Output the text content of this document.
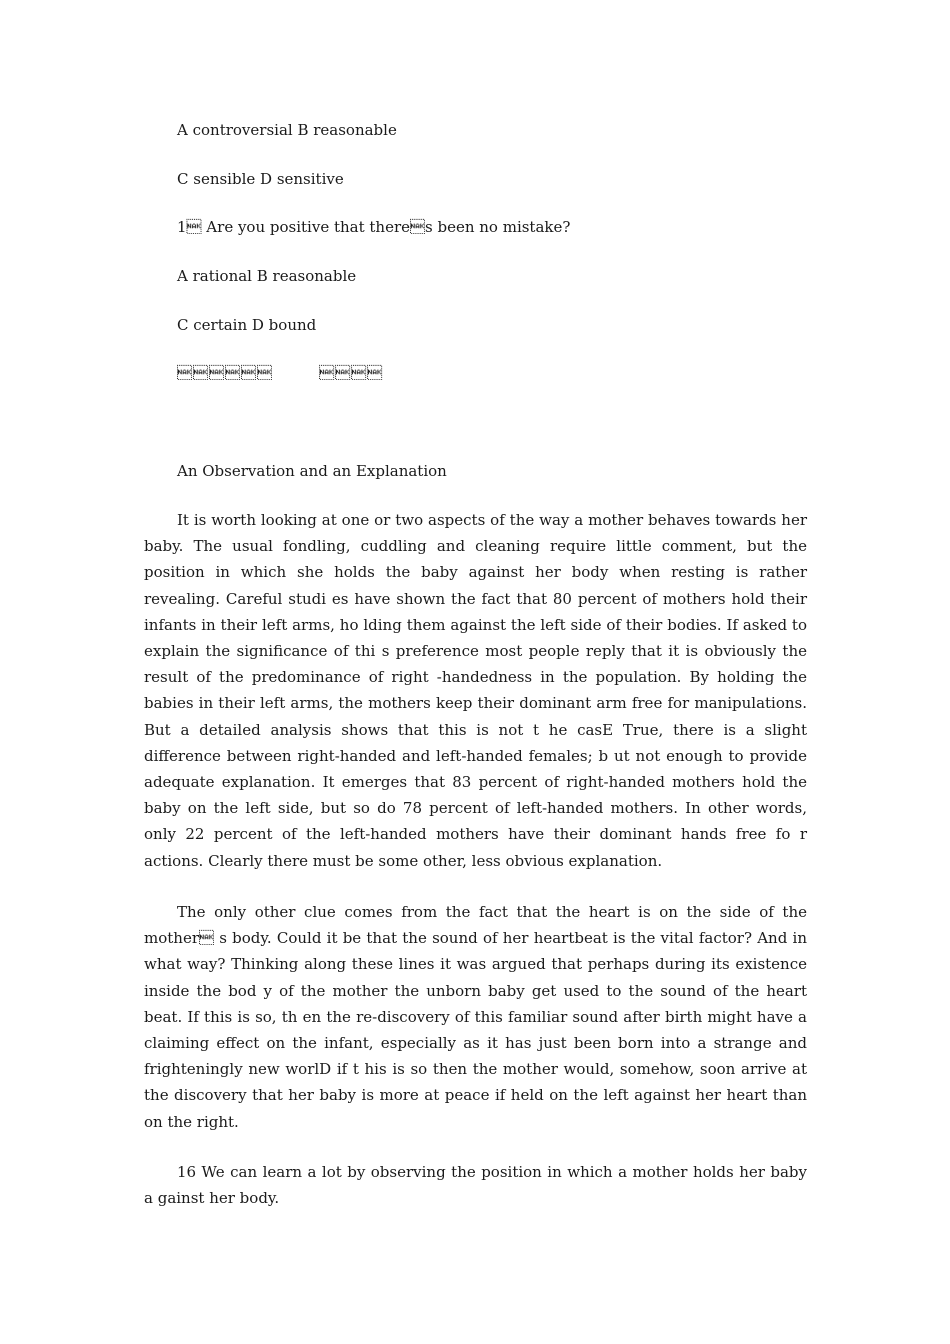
A controversial B reasonable
C sensible D sensitive
1 Are you positive that theres been no mistake?
A rational B reasonable
C certain D bound
        
An Observation and an Explanation

It is worth looking at one or two aspects of the way a mother behaves towards her baby. The usual fondling, cuddling and cleaning require little comment, but the position in which she holds the baby against her body when resting is rather revealing. Careful studi es have shown the fact that 80 percent of mothers hold their infants in their left arms, ho lding them against the left side of their bodies. If asked to explain the significance of thi s preference most people reply that it is obviously the result of the predominance of right -handedness in the population. By holding the babies in their left arms, the mothers keep their dominant arm free for manipulations. But a detailed analysis shows that this is not t he casE True, there is a slight difference between right-handed and left-handed females; b ut not enough to provide adequate explanation. It emerges that 83 percent of right-handed mothers hold the baby on the left side, but so do 78 percent of left-handed mothers. In other words, only 22 percent of the left-handed mothers have their dominant hands free fo r actions. Clearly there must be some other, less obvious explanation.

The only other clue comes from the fact that the heart is on the side of the mother s body. Could it be that the sound of her heartbeat is the vital factor? And in what way? Thinking along these lines it was argued that perhaps during its existence inside the bod y of the mother the unborn baby get used to the sound of the heart beat. If this is so, th en the re-discovery of this familiar sound after birth might have a claiming effect on the infant, especially as it has just been born into a strange and frighteningly new worlD if t his is so then the mother would, somehow, soon arrive at the discovery that her baby is more at peace if held on the left against her heart than on the right.

16 We can learn a lot by observing the position in which a mother holds her baby a gainst her body.
